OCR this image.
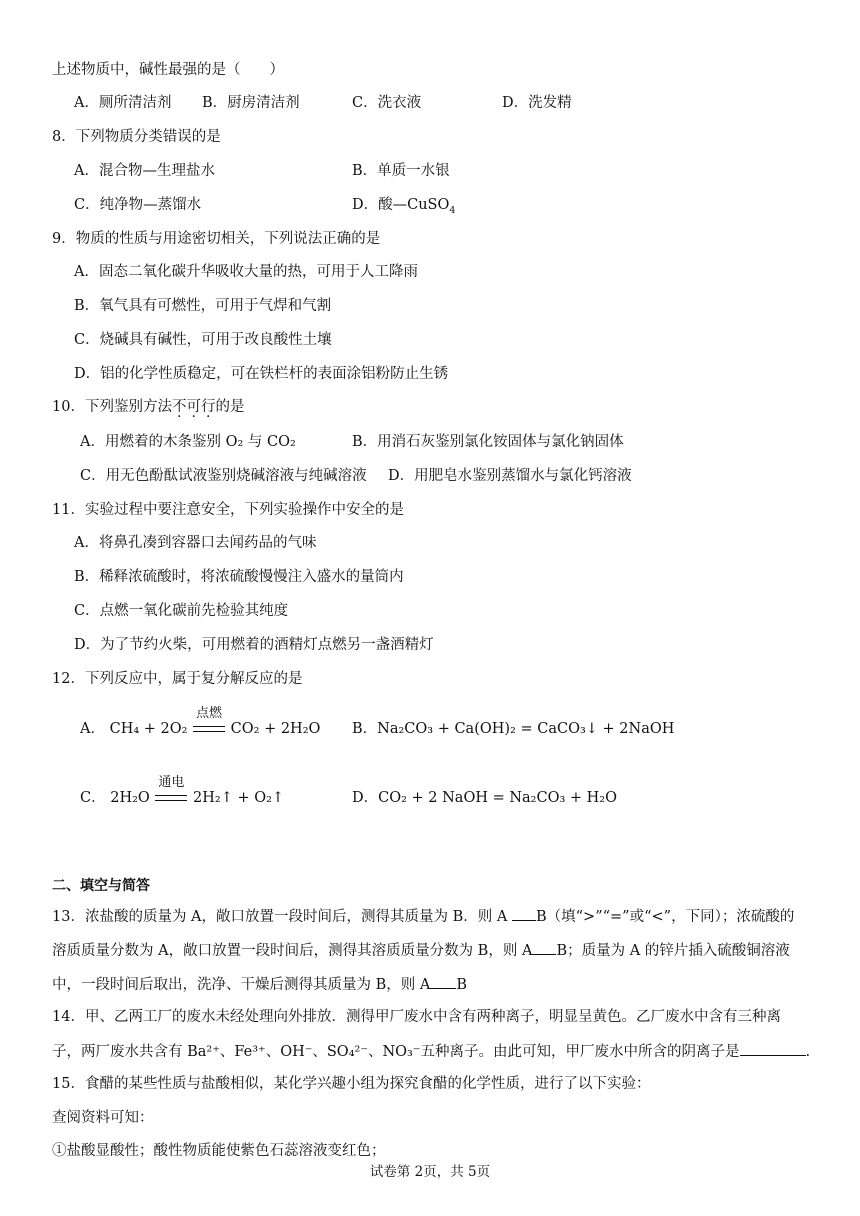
上述物质中，碱性最强的是（　　）
A．厕所清洁剂 B．厨房清洁剂	C．洗衣液	D．洗发精
8．下列物质分类错误的是
A．混合物—生理盐水	B．单质一水银
C．纯净物—蒸馏水	D．酸—CuSO$_4$
9．物质的性质与用途密切相关，下列说法正确的是
A．固态二氧化碳升华吸收大量的热，可用于人工降雨
B．氧气具有可燃性，可用于气焊和气割
C．烧碱具有碱性，可用于改良酸性土壤
D．铝的化学性质稳定，可在铁栏杆的表面涂铝粉防止生锈
10．下列鉴别方法不可行的是
A．用燃着的木条鉴别 O₂ 与 CO₂	B．用消石灰鉴别氯化铵固体与氯化钠固体
C．用无色酚酞试液鉴别烧碱溶液与纯碱溶液 D．用肥皂水鉴别蒸馏水与氯化钙溶液
11．实验过程中要注意安全，下列实验操作中安全的是
A．将鼻孔凑到容器口去闻药品的气味
B．稀释浓硫酸时，将浓硫酸慢慢注入盛水的量筒内
C．点燃一氧化碳前先检验其纯度
D．为了节约火柴，可用燃着的酒精灯点燃另一盏酒精灯
12．下列反应中，属于复分解反应的是
A． CH₄ + 2O₂
点燃
CO₂ + 2H₂O B．Na₂CO₃ + Ca(OH)₂ = CaCO₃↓ + 2NaOH
C． 2H₂O
通电
2H₂↑ + O₂↑	D．CO₂ + 2 NaOH = Na₂CO₃ + H₂O
二、填空与简答
13．浓盐酸的质量为 A，敞口放置一段时间后，测得其质量为 B．则 A B（填“>”“=”或“<”，下同）；浓硫酸的
溶质质量分数为 A，敞口放置一段时间后，测得其溶质质量分数为 B，则 A B；质量为 A 的锌片插入硫酸铜溶液
中，一段时间后取出，洗净、干燥后测得其质量为 B，则 A B
14．甲、乙两工厂的废水未经处理向外排放．测得甲厂废水中含有两种离子，明显呈黄色。乙厂废水中含有三种离
子，两厂废水共含有 Ba²⁺、Fe³⁺、OH⁻、SO₄²⁻、NO₃⁻五种离子。由此可知，甲厂废水中所含的阴离子是	.
15．食醋的某些性质与盐酸相似，某化学兴趣小组为探究食醋的化学性质，进行了以下实验：
查阅资料可知：
①盐酸显酸性；酸性物质能使紫色石蕊溶液变红色；
试卷第 2页，共 5页
